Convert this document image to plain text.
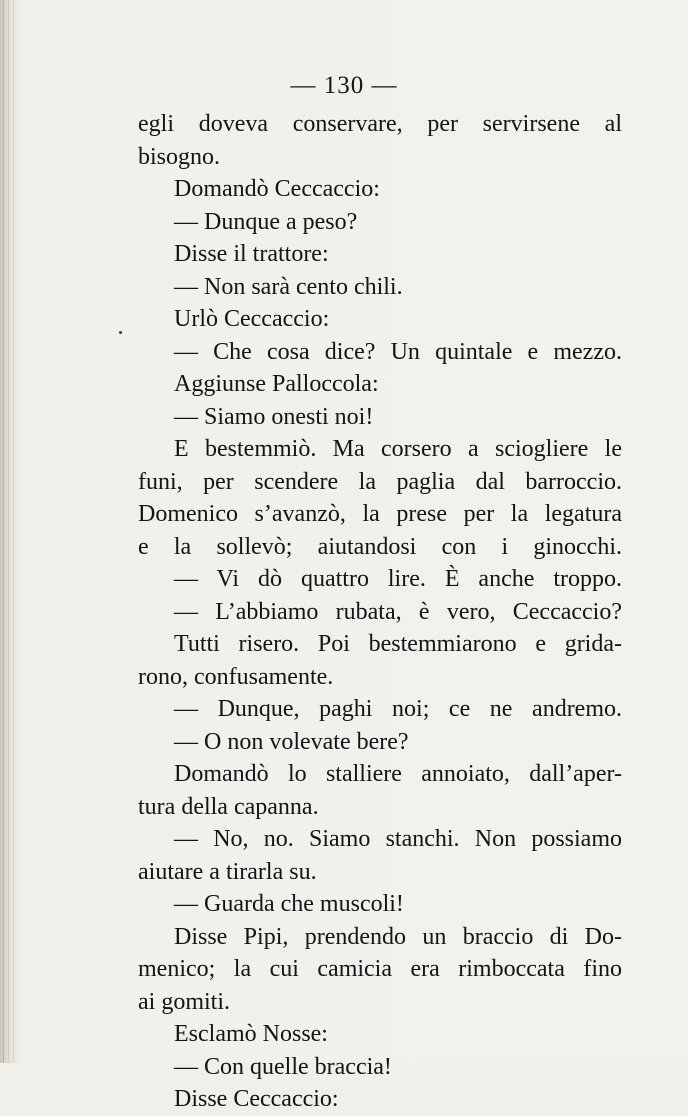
— 130 —
egli doveva conservare, per servirsene al
bisogno.
Domandò Ceccaccio:
— Dunque a peso?
Disse il trattore:
— Non sarà cento chili.
Urlò Ceccaccio:
— Che cosa dice? Un quintale e mezzo.
Aggiunse Palloccola:
— Siamo onesti noi!
E bestemmiò. Ma corsero a sciogliere le
funi, per scendere la paglia dal barroccio.
Domenico s’avanzò, la prese per la legatura
e la sollevò; aiutandosi con i ginocchi.
— Vi dò quattro lire. È anche troppo.
— L’abbiamo rubata, è vero, Ceccaccio?
Tutti risero. Poi bestemmiarono e grida-
rono, confusamente.
— Dunque, paghi noi; ce ne andremo.
— O non volevate bere?
Domandò lo stalliere annoiato, dall’aper-
tura della capanna.
— No, no. Siamo stanchi. Non possiamo
aiutare a tirarla su.
— Guarda che muscoli!
Disse Pipi, prendendo un braccio di Do-
menico; la cui camicia era rimboccata fino
ai gomiti.
Esclamò Nosse:
— Con quelle braccia!
Disse Ceccaccio:
